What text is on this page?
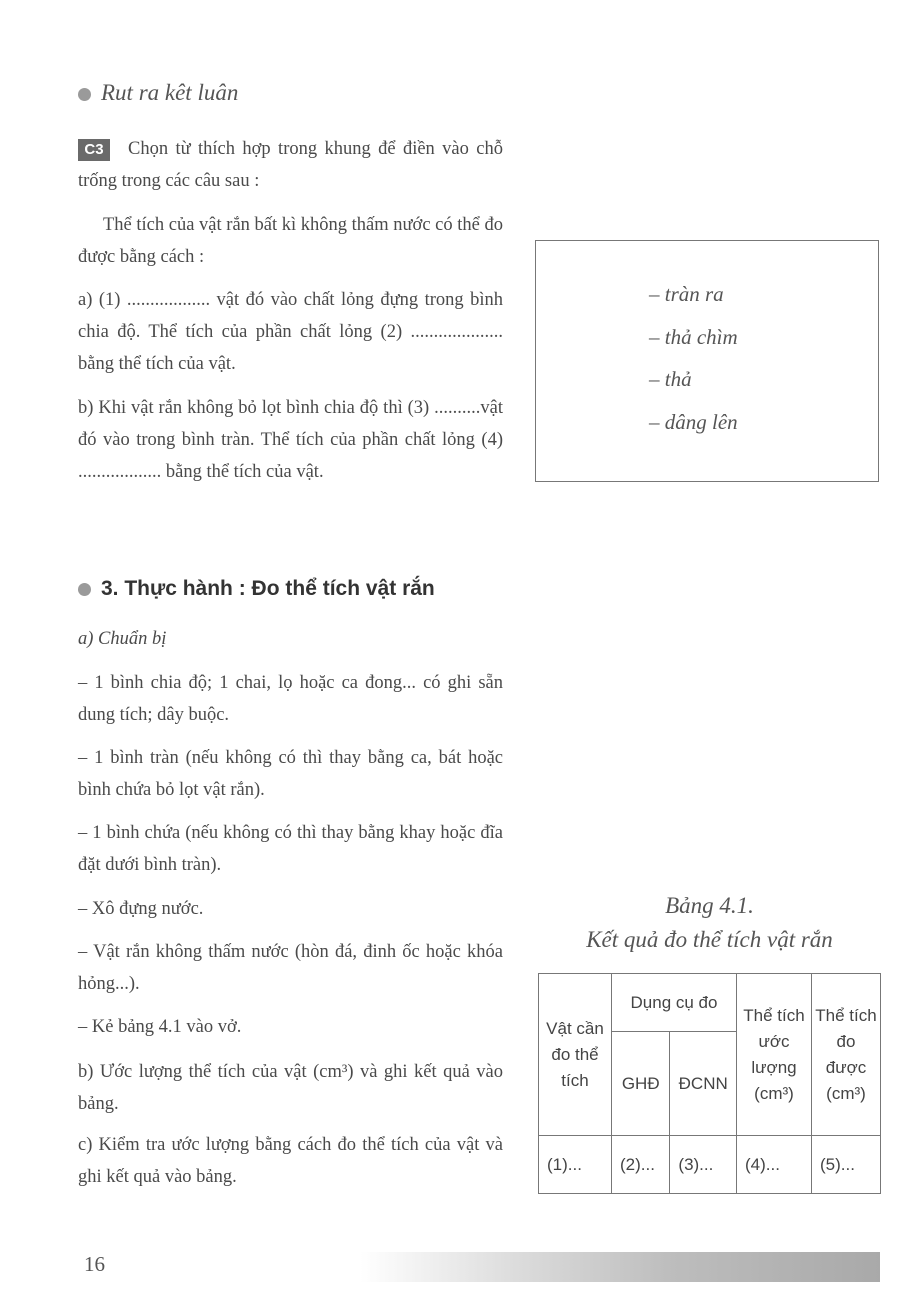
Rut ra kêt luân
C3	Chọn từ thích hợp trong khung để điền vào chỗ trống trong các câu sau :
Thể tích của vật rắn bất kì không thấm nước có thể đo được bằng cách :
a) (1) .................. vật đó vào chất lỏng đựng trong bình chia độ. Thể tích của phần chất lỏng (2) .................... bằng thể tích của vật.
b) Khi vật rắn không bỏ lọt bình chia độ thì (3) ..........vật đó vào trong bình tràn. Thể tích của phần chất lỏng (4) .................. bằng thể tích của vật.
– tràn ra
– thả chìm
– thả
– dâng lên
3. Thực hành : Đo thể tích vật rắn
a) Chuẩn bị
– 1 bình chia độ; 1 chai, lọ hoặc ca đong... có ghi sẵn dung tích; dây buộc.
– 1 bình tràn (nếu không có thì thay bằng ca, bát hoặc bình chứa bỏ lọt vật rắn).
– 1 bình chứa (nếu không có thì thay bằng khay hoặc đĩa đặt dưới bình tràn).
– Xô đựng nước.
– Vật rắn không thấm nước (hòn đá, đinh ốc hoặc khóa hỏng...).
– Kẻ bảng 4.1 vào vở.
b) Ước lượng thể tích của vật (cm³) và ghi kết quả vào bảng.
c) Kiểm tra ước lượng bằng cách đo thể tích của vật và ghi kết quả vào bảng.
Bảng 4.1.
Kết quả đo thể tích vật rắn
Vật cần đo thể tích	Dụng cụ đo		Thể tích ước lượng (cm³)	Thể tích đo được (cm³)
	GHĐ	ĐCNN		
(1)...	(2)...	(3)...	(4)...	(5)...
16
